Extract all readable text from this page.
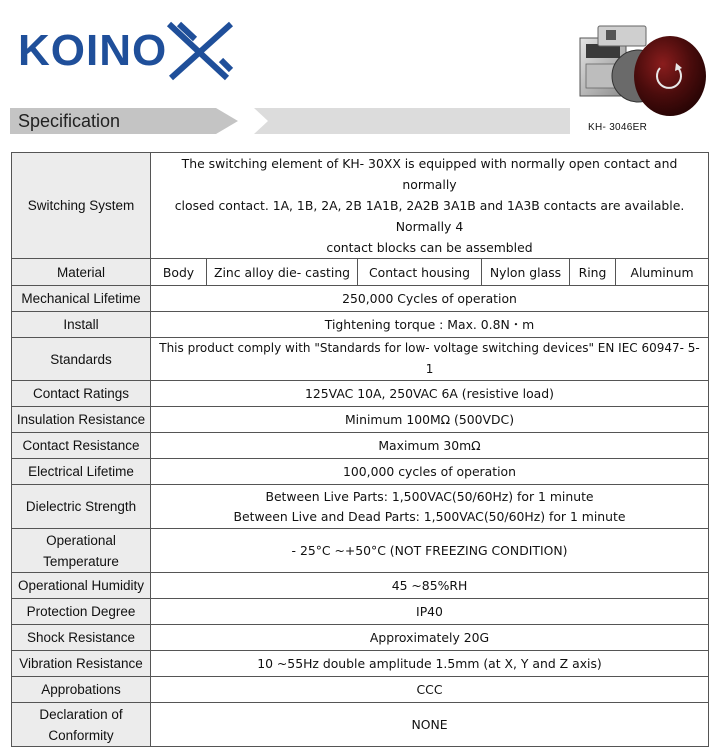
KOINO
KH- 3046ER
Specification
Switching System	The switching element of KH- 30XX is equipped with normally open contact and normally
closed contact. 1A, 1B, 2A, 2B 1A1B, 2A2B 3A1B and 1A3B contacts are available. Normally 4
contact blocks can be assembled					

Material	Body	Zinc alloy die- casting	Contact housing	Nylon glass	Ring	Aluminum
Mechanical Lifetime	250,000 Cycles of operation					
Install	Tightening torque : Max. 0.8N・m					
Standards	This product comply with "Standards for low- voltage switching devices" EN IEC 60947- 5- 1					
Contact Ratings	125VAC 10A, 250VAC 6A (resistive load)					
Insulation Resistance	Minimum 100MΩ (500VDC)					
Contact Resistance	Maximum 30mΩ					
Electrical Lifetime	100,000 cycles of operation					
Dielectric Strength	Between Live Parts: 1,500VAC(50/60Hz) for 1 minute
Between Live and Dead Parts: 1,500VAC(50/60Hz) for 1 minute					

Operational
Temperature	- 25°C ~+50°C (NOT FREEZING CONDITION)					
Operational Humidity	45 ~85%RH					
Protection Degree	IP40					
Shock Resistance	Approximately 20G					
Vibration Resistance	10 ~55Hz double amplitude 1.5mm (at X, Y and Z axis)					
Approbations	CCC					

Declaration of
Conformity	NONE					
